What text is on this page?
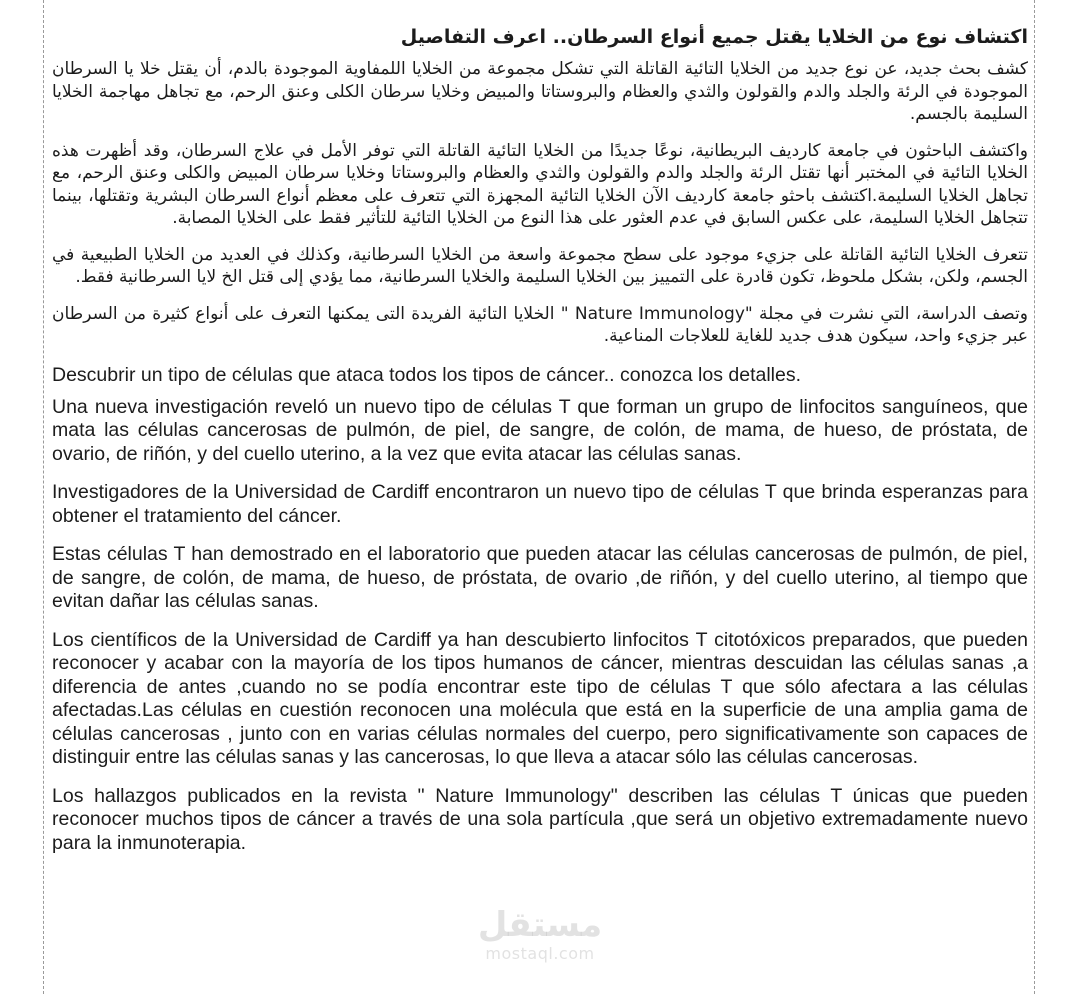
اكتشاف نوع من الخلايا يقتل جميع أنواع السرطان.. اعرف التفاصيل

كشف بحث جديد، عن نوع جديد من الخلايا التائية القاتلة التي تشكل مجموعة من الخلايا اللمفاوية الموجودة بالدم، أن يقتل خلا يا السرطان الموجودة في الرئة والجلد والدم والقولون والثدي والعظام والبروستاتا والمبيض وخلايا سرطان الكلى وعنق الرحم، مع تجاهل مهاجمة الخلايا السليمة بالجسم.

واكتشف الباحثون في جامعة كارديف البريطانية، نوعًا جديدًا من الخلايا التائية القاتلة التي توفر الأمل في علاج السرطان، وقد أظهرت هذه الخلايا التائية في المختبر أنها تقتل الرئة والجلد والدم والقولون والثدي والعظام والبروستاتا وخلايا سرطان المبيض والكلى وعنق الرحم، مع تجاهل الخلايا السليمة.اكتشف باحثو جامعة كارديف الآن الخلايا التائية المجهزة التي تتعرف على معظم أنواع السرطان البشرية وتقتلها، بينما تتجاهل الخلايا السليمة، على عكس السابق في عدم العثور على هذا النوع من الخلايا التائية للتأثير فقط على الخلايا المصابة.

تتعرف الخلايا التائية القاتلة على جزيء موجود على سطح مجموعة واسعة من الخلايا السرطانية، وكذلك في العديد من الخلايا الطبيعية في الجسم، ولكن، بشكل ملحوظ، تكون قادرة على التمييز بين الخلايا السليمة والخلايا السرطانية، مما يؤدي إلى قتل الخ لايا السرطانية فقط.

وتصف الدراسة، التي نشرت في مجلة "Nature Immunology " الخلايا التائية الفريدة التى يمكنها التعرف على أنواع كثيرة من السرطان عبر جزيء واحد، سيكون هدف جديد للغاية للعلاجات المناعية.

Descubrir un tipo de células que ataca todos los tipos de cáncer.. conozca los detalles.

Una nueva investigación reveló un nuevo tipo de células T que forman un grupo de linfocitos sanguíneos, que mata las células cancerosas de pulmón, de piel, de sangre, de colón, de mama, de hueso, de próstata, de ovario, de riñón, y del cuello uterino, a la vez que evita atacar las células sanas.

Investigadores de la Universidad de Cardiff encontraron un nuevo tipo de células T que brinda esperanzas para obtener el tratamiento del cáncer.

Estas células T han demostrado en el laboratorio que pueden atacar las células cancerosas de pulmón, de piel, de sangre, de colón, de mama, de hueso, de próstata, de ovario ,de riñón, y del cuello uterino, al tiempo que evitan dañar las células sanas.

Los científicos de la Universidad de Cardiff ya han descubierto linfocitos T citotóxicos preparados, que pueden reconocer y acabar con la mayoría de los tipos humanos de cáncer, mientras descuidan las células sanas ,a diferencia de antes ,cuando no se podía encontrar este tipo de células T que sólo afectara a las células afectadas.Las células en cuestión reconocen una molécula que está en la superficie de una amplia gama de células cancerosas , junto con en varias células normales del cuerpo, pero significativamente son capaces de distinguir entre las células sanas y las cancerosas, lo que lleva a atacar sólo las células cancerosas.

Los hallazgos publicados en la revista " Nature Immunology" describen las células T únicas que pueden reconocer muchos tipos de cáncer a través de una sola partícula ,que será un objetivo extremadamente nuevo para la inmunoterapia.

مستقل
mostaql.com
